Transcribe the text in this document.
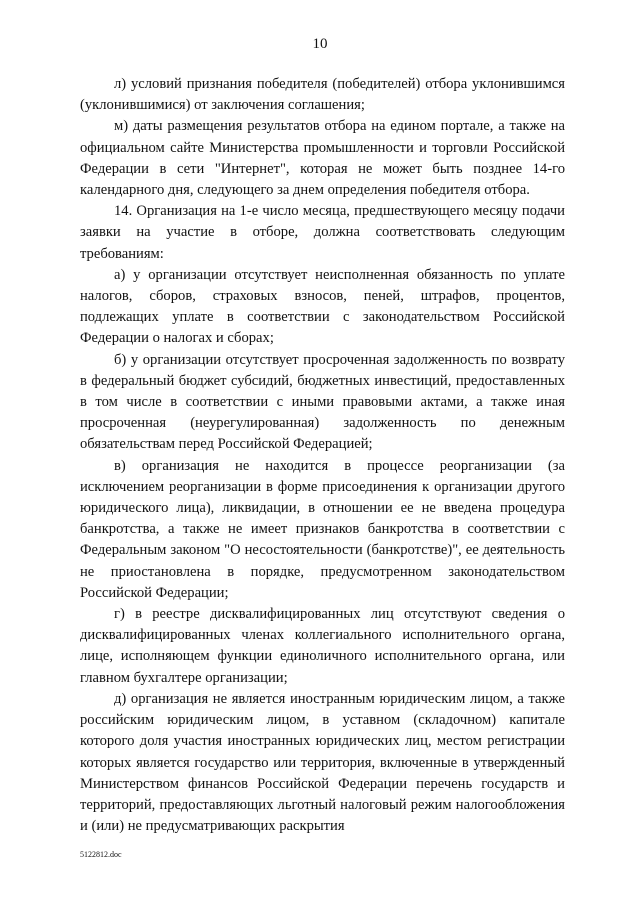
10

л) условий признания победителя (победителей) отбора уклонившимся (уклонившимися) от заключения соглашения;

м) даты размещения результатов отбора на едином портале, а также на официальном сайте Министерства промышленности и торговли Российской Федерации в сети "Интернет", которая не может быть позднее 14-го календарного дня, следующего за днем определения победителя отбора.

14. Организация на 1-е число месяца, предшествующего месяцу подачи заявки на участие в отборе, должна соответствовать следующим требованиям:

а) у организации отсутствует неисполненная обязанность по уплате налогов, сборов, страховых взносов, пеней, штрафов, процентов, подлежащих уплате в соответствии с законодательством Российской Федерации о налогах и сборах;

б) у организации отсутствует просроченная задолженность по возврату в федеральный бюджет субсидий, бюджетных инвестиций, предоставленных в том числе в соответствии с иными правовыми актами, а также иная просроченная (неурегулированная) задолженность по денежным обязательствам перед Российской Федерацией;

в) организация не находится в процессе реорганизации (за исключением реорганизации в форме присоединения к организации другого юридического лица), ликвидации, в отношении ее не введена процедура банкротства, а также не имеет признаков банкротства в соответствии с Федеральным законом "О несостоятельности (банкротстве)", ее деятельность не приостановлена в порядке, предусмотренном законодательством Российской Федерации;

г) в реестре дисквалифицированных лиц отсутствуют сведения о дисквалифицированных членах коллегиального исполнительного органа, лице, исполняющем функции единоличного исполнительного органа, или главном бухгалтере организации;

д) организация не является иностранным юридическим лицом, а также российским юридическим лицом, в уставном (складочном) капитале которого доля участия иностранных юридических лиц, местом регистрации которых является государство или территория, включенные в утвержденный Министерством финансов Российской Федерации перечень государств и территорий, предоставляющих льготный налоговый режим налогообложения и (или) не предусматривающих раскрытия

5122812.doc
